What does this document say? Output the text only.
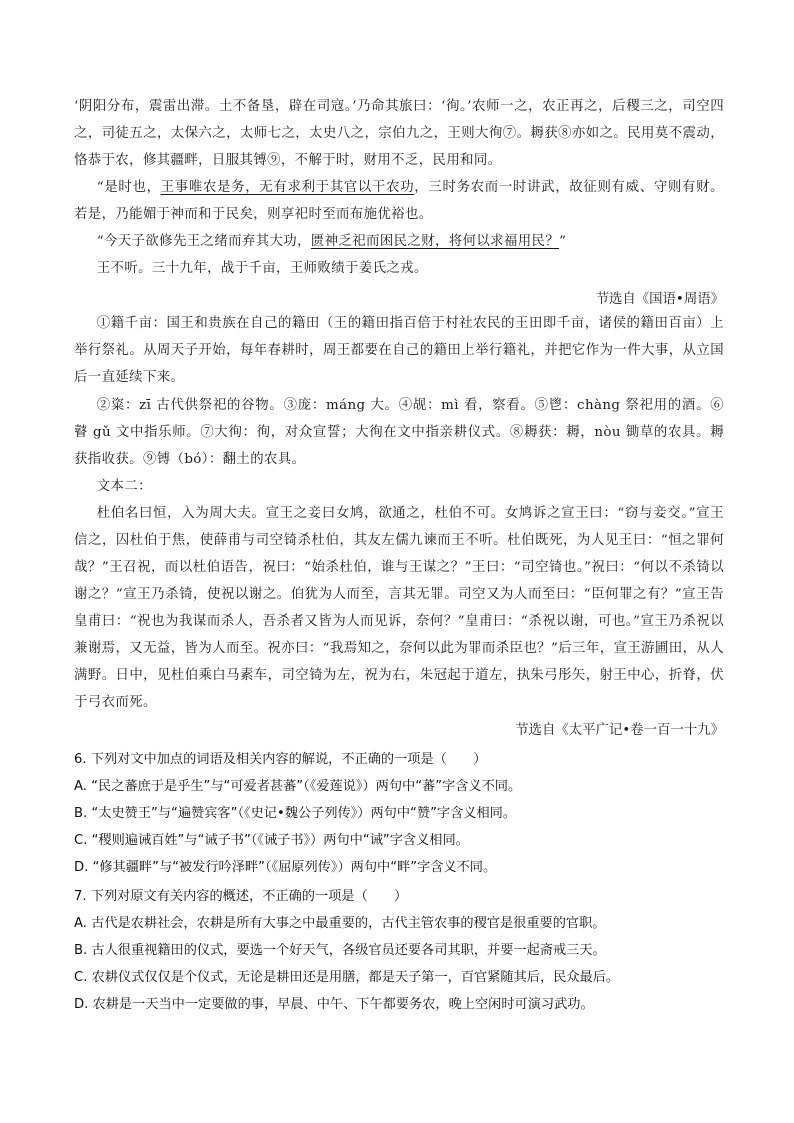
‘阴阳分布，震雷出滞。土不备垦，辟在司寇。’乃命其旅曰：‘徇。’农师一之，农正再之，后稷三之，司空四之，司徒五之，太保六之，太师七之，太史八之，宗伯九之，王则大徇⑦。耨获⑧亦如之。民用莫不震动，恪恭于农，修其疆畔，日服其镈⑨，不解于时，财用不乏，民用和同。

“是时也，王事唯农是务，无有求利于其官以干农功，三时务农而一时讲武，故征则有威、守则有财。若是，乃能媚于神而和于民矣，则享祀时至而布施优裕也。

“今天子欲修先王之绪而弃其大功，匮神乏祀而困民之财，将何以求福用民？”

王不听。三十九年，战于千亩，王师败绩于姜氏之戎。

节选自《国语•周语》

①籍千亩：国王和贵族在自己的籍田（王的籍田指百倍于村社农民的王田即千亩，诸侯的籍田百亩）上举行祭礼。从周天子开始，每年春耕时，周王都要在自己的籍田上举行籍礼，并把它作为一件大事，从立国后一直延续下来。

②粢：zī 古代供祭祀的谷物。③庞：máng 大。④觇：mì 看，察看。⑤鬯：chàng 祭祀用的酒。⑥瞽 gǔ 文中指乐师。⑦大徇：徇，对众宣誓；大徇在文中指亲耕仪式。⑧耨获：耨，nòu 锄草的农具。耨获指收获。⑨镈（bó）：翻土的农具。

文本二：

杜伯名曰恒，入为周大夫。宣王之妾曰女鸠，欲通之，杜伯不可。女鸠诉之宣王曰：“窃与妾交。”宣王信之，囚杜伯于焦，使薛甫与司空锜杀杜伯，其友左儒九谏而王不听。杜伯既死，为人见王曰：“恒之罪何哉？”王召祝，而以杜伯语告，祝曰：“始杀杜伯，谁与王谋之？”王曰：“司空锜也。”祝曰：“何以不杀锜以谢之？”宣王乃杀锜，使祝以谢之。伯犹为人而至，言其无罪。司空又为人而至曰：“臣何罪之有？”宣王告皇甫曰：“祝也为我谋而杀人，吾杀者又皆为人而见诉，奈何？”皇甫曰：“杀祝以谢，可也。”宣王乃杀祝以兼谢焉，又无益，皆为人而至。祝亦曰：“我焉知之，奈何以此为罪而杀臣也？”后三年，宣王游圃田，从人满野。日中，见杜伯乘白马素车，司空锜为左，祝为右，朱冠起于道左，执朱弓彤矢，射王中心，折脊，伏于弓衣而死。

节选自《太平广记•卷一百一十九》

6. 下列对文中加点的词语及相关内容的解说，不正确的一项是（　　）

A. “民之蕃庶于是乎生”与“可爱者甚蕃”（《爱莲说》）两句中“蕃”字含义不同。

B. “太史赞王”与“遍赞宾客”（《史记•魏公子列传》）两句中“赞”字含义相同。

C. “稷则遍诫百姓”与“诫子书”（《诫子书》）两句中“诫”字含义相同。

D. “修其疆畔”与“被发行吟泽畔”（《屈原列传》）两句中“畔”字含义不同。

7. 下列对原文有关内容的概述，不正确的一项是（　　）

A. 古代是农耕社会，农耕是所有大事之中最重要的，古代主管农事的稷官是很重要的官职。

B. 古人很重视籍田的仪式，要选一个好天气，各级官员还要各司其职，并要一起斋戒三天。

C. 农耕仪式仅仅是个仪式，无论是耕田还是用膳，都是天子第一，百官紧随其后，民众最后。

D. 农耕是一天当中一定要做的事，早晨、中午、下午都要务农，晚上空闲时可演习武功。
